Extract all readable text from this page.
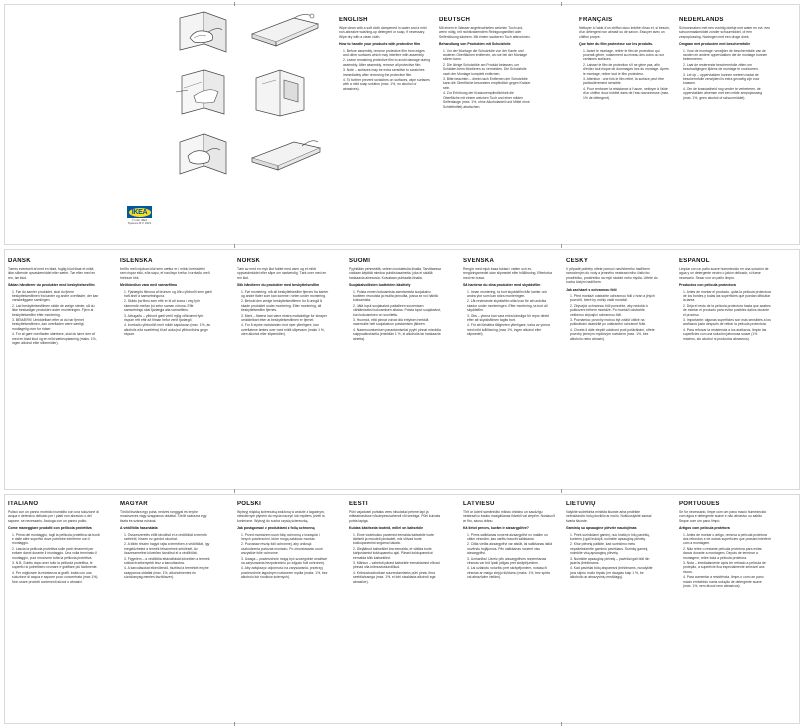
IKEA
© Inter IKEA Systems B.V. 2021
ENGLISH

Wipe clean with a soft cloth dampened in water and a mild non-abrasive washing-up detergent or soap, if necessary. Wipe dry with a clean cloth.

How to handle your products with protective film

1. Before assembly, remove protective film from edges and other surfaces which may interfere with assembly.
2. Leave remaining protective film to avoid damage during assembly. After assembly, remove all protective film.
3. Note – surfaces may be extra sensitive to scratches immediately after removing the protective film.
4. To further prevent scratches on surfaces, wipe surfaces with a mild soap solution (max. 1%, no alcohol or abrasives).
DEUTSCH

Mit einem in Wasser angefeuchteten weichen Tuch und, wenn nötig, mit nichtkratzendem Reinigungsmittel oder Seifenlösung säubern. Mit einem sauberen Tuch abtrocknen.

Behandlung von Produkten mit Schutzfolie

1. Vor der Montage die Schutzfolie von der Kante und anderen Oberflächen entfernen, wo sie bei der Montage stören kann.
2. Die übrige Schutzfolie am Produkt belassen, um Schäden beim Montieren zu vermeiden. Die Schutzfolie nach der Montage komplett entfernen.
3. Bitte beachten – direkt nach Entfernen der Schutzfolie kann die Oberfläche besonders empfindlich gegen Kratzer sein.
4. Zur Erhöhung der Kratzunempfindlichkeit die Oberfläche mit einem weichen Tuch und einer milden Seifenlauge (max. 1%, ohne Alkoholanteil und Mittel ohne Schleifmittel) abwischen.
FRANÇAIS

Nettoyer à l'aide d'un chiffon doux imbibé d'eau et, si besoin, d'un détergent non abrasif ou de savon. Essuyer avec un chiffon propre.

Que faire du film protecteur sur les produits.

1. Avant le montage, retirer le film de protection qui pourrait gêner, notamment au niveau des coins ou sur certaines surfaces.
2. Laisser le film de protection s'il ne gêne pas, afin d'éviter tout risque de dommages lors du montage. Après le montage, retirer tout le film protecteur.
3. Attention : une fois le film retiré, la surface peut être particulièrement sensible.
4. Pour renforcer la résistance à l'usure, nettoyer à l'aide d'un chiffon doux imbibé dans de l'eau savonneuse (max. 1% de détergent).
NEDERLANDS

Schoonmaken met een vochtig doekje met water en evt. een schoonmaakmiddel zonder schuurmiddel, of een zeepoplossing. Nadrogen met een droge doek.

Omgaan met producten met beschermfolie

1. Voor de montage: verwijder de beschermfolie van de randen en andere oppervlakken die de montage kunnen belemmeren.
2. Laat de resterende beschermfolie zitten om beschadigingen tijdens de montage te voorkomen.
3. Let op – oppervlakken kunnen meteen nadat de beschermfolie verwijderd is extra gevoelig zijn voor krassen.
4. Om de krasvastheid nog verder te verbeteren, de oppervlakken afnemen met een milde zeepoplossing (max. 1%, geen alcohol of schuurmiddel).
DANSK

Tørres eventuelt af med en blød, fugtig klud tilsat et mildt, ikke-slibende opvaskemiddel eller sæbe. Tør efter med en ren, tør klud.

Sådan håndterer du produkter med beskyttelsesfilm

1. Før du samler produktet, skal du fjerne beskyttelsesfilmen fra kanter og andre overflader, der kan vanskeliggøre samlingen.
2. Lad beskyttelsesfilmen sidde de øvrige steder, så du ikke beskadiger produktet under monteringen. Fjern al beskyttelsesfilm efter montering.
3. BEMÆRK! Umiddelbart efter at du har fjernet beskyttelsesfilmen, kan overfladen være særligt modtagelig over for ridser.
4. For at gøre overfladen stærkere, skal du tørre den af med en blød klud og en mild sæbeopløsning (maks. 1%, ingen alkohol eller slibemidler).
ÍSLENSKA

Þrífðu með mjúkum klút sem vættur er í mildu hreinsiefni sem rispar ekki, eða sápu, ef nauðsyn krefur. Þurrkaðu með hreinum klút.

Meðhöndlun vara með varnarfilmu

1. Fjarlægðu filmuna af brúnum og öðru yfirborði sem gæti haft áhrif á samsetninguna.
2. Skildu þá filmu sem eftir er til að koma í veg fyrir skemmdir meðan þú setur saman vöruna. Eftir samsetningu skal fjarlægja alla varnarfilmu.
3. Athugaðu – yfirborð gæti verið mjög viðkvæmt fyrir rispum rétt eftir að filman hefur verið fjarlægð.
4. Þurrkaðu yfirborðið með mildri sápulausn (max. 1%, án alkóhóls eða svarfefna) til að auka þol yfirborðsins gegn rispum.
NORSK

Tørk av med en myk klut fuktet med vann og et mildt oppvaskmiddel eller såpe om nødvendig. Tørk over med en ren klut.

Slik håndterer du produkter med beskyttelsesfilm

1. Før montering: må all beskyttelsesfilm fjernes fra kanter og andre flater som kan komme i veien under montering.
2. Behold den øvrige beskyttelsesfilmen for å unngå å skade produktet under montering. Etter montering, all beskyttelsesfilm fjernes.
3. Merk – flatene kan være ekstra mottakelige for skraper umiddelbart etter at beskyttelsesfilmen er fjernet.
4. For å styrke motstanden mot riper ytterligere, kan overflatene tørkes over med mildt såpevann (maks 1 %, uten alkohol eller slipemidler).
SUOMI

Pyyhitään pehmeällä, veteen kostutetulla liinalla. Tarvittaessa voidaan käyttää miedoa puhdistusainetta, joka ei sisällä hankaavia ainesosia. Kuivataan puhtaalla liinalla.

Suojakalvollisten tuotteiden käsittely

1. Poista ennen kokoamista asentamista suojakalvo tuotteen reunoista ja muilta pinnoilta, joissa se voi häiritä kokoamista.
2. Jätä loput suojakalvot paikalleen suurentaen vähtämiseksi kokoamisen aikana. Poista loput suojakalvot, kun kokoaminen on suoritettu.
3. Huomioi, että pinnat voivat olla erityisen herkkiä naarmuille heti suojakalvon poistamisen jälkeen.
4. Naarmuuntumisen parantamiseksi pyyhi pinnat miedolla saippualiuoksella (enintään 1 %, ei alkoholia tai hankaavia aineita).
SVENSKA

Rengör med mjuk trasa fuktad i vatten och ev. rengöringsmedel utan slipmedel eller tvållösning. Eftertorka med ren trasa.

Så hanterar du dina produkter med skyddsfilm

1. Innan montering, ta bort skyddsfilm från kanter och andra ytor som kan störa monteringen.
2. Låt resterande skyddsfilm sitta kvar för att undvika skador under monteringen. Efter montering, ta bort all skyddsfilm.
3. Obs – ytorna kan vara extra känsliga för repor direkt efter att skyddsfilmen tagits bort.
4. För att förbättra tåligheten ytterligare, torka av ytorna med mild tvållösning (max 1%, ingen alkohol eller slipmedel).
ČESKY

V případě potřeby otřete pomocí navlhčeného hadříkem namočeným do vody a jemného neabrazivního čisticího prostředku, prostředku na mytí nádobí nebo mýdla. Utřete do sucha čistým hadříkem.

Jak zacházet s ochrannou fólií

1. Před montáží odstraňte ochrannou fólii z hran a jiných povrchů, které by mohly vadit montáži.
2. Zbývající ochrannou fólii ponechte, aby nedošlo k poškození během montáže. Po montáži odstraňte veškerou zbývající ochrannou fólii.
3. Poznámka: povrchy mohou být zvlášť citlivé na poškrábání okamžitě po odstranění ochranné fólie.
4. Chcete-li dále zlepšit odolnost proti poškrábání, otřete povrchy jemným mýdlovým roztokem (max. 1%, bez alkoholu nebo abraziv).
ESPAÑOL

Limpiar con un paño suave humedecido en una solución de agua y un detergente neutro o jabón delicado, si fuese necesario. Secar con un paño limpio.

Productos con película protectora

1. Antes de montar el producto, quita la película protectora de los bordes y todas las superficies que puedan dificultar la tarea.
2. Deja el resto de la película protectora hasta que acabes de montar el producto para evitar posibles daños durante el proceso.
3. Importante: algunas superficies son más sensibles a los arañazos justo después de retirar la película protectora.
4. Para reforzar la resistencia a los arañazos, limpie las superficies con una solución jabonosa suave (1% máximo, sin alcohol ni productos abrasivos).
ITALIANO

Pulisci con un panno morbido inumidito con una soluzione di acqua e detersivo delicato per i piatti non abrasivo o del sapone, se necessario. Asciuga con un panno pulito.

Come maneggiare prodotti con pellicola protettiva

1. Prima del montaggio, togli la pellicola protettiva da bordi e dalle altre superfici dove potrebbe interferire con il montaggio.
2. Lascia la pellicola protettiva sulle parti rimanenti per evitare danni durante il montaggio. Una volta terminato il montaggio, puoi rimuovere tutta la pellicola protettiva.
3. N.B. Subito dopo aver tolto la pellicola protettiva, le superfici si potrebbero rovinare e graffiare più facilmente.
4. Per migliorare la resistenza ai graffi, tratta con una soluzione di acqua e sapone poco concentrata (max 1%). Non usare prodotti contenenti alcool o abrasivi.
MAGYAR

Töröld tisztára egy puha, nedves ronggyal és enyhe mosószeres vagy szappanos oldattal. Törölt szárazra egy tiszta és száraz ruhával.

A védőfólia használata

1. Összeszerelés előtt távolítsd el a védőfóliát a termék széleiről, hiszen ez gondot okozhat.
2. A többi részen hagyd rajta a terméken a védőfóliát, így megelőzheted a termék felszínének sérülését. Az összeszerelést követően távolítsd el a védőfóliát.
3. Figyelem – a védőfólia eltávolítását követően a termék sokkal érzékenyebb lesz a karcolásokra.
4. A karcolásokat elkerülendő, tisztítsd a terméket enyhe szappanos oldattal (max. 1%, alkoholmentes és súrolóanyag-mentes tisztítószer).
POLSKI

Wytrzyj miękką ściereczką zwilżoną w wodzie z łagodnym, nieściernym płynem do mycia naczyń lub mydłem, jeżeli to konieczne. Wytrzyj do sucha czystą ściereczką.

Jak postępować z produktami z folią ochronną

1. Przed montażem usuń folię ochronną z krawędzi i innych powierzchni, które mogą zakłócać montaż.
2. Pozostaw resztę folii ochronnej, aby uniknąć uszkodzenia podczas montażu. Po zmontowaniu usuń wszystkie folie ochronne.
3. Uwaga – powierzchnie mogą być szczególnie wrażliwe na zarysowania bezpośrednio po zdjęciu folii ochronnej.
4. Aby zwiększyć odporność na zarysowania, przetrzyj powierzchnie łagodnym roztworem mydła (maks. 1%, bez alkoholu lub środków ściernych).
EESTI

Pühi vajadusel puhtaks vees niisutatud pehme lapi ja mitteabrasiivse nõudepesuvahendi või seebiga. Pühi kuivaks puhta lapiga.

Kuidas käsitseda tooteid, millel on kaitsekile

1. Enne tootekokku panemist eemalda kaitsekile toote ääriselt ja muudelt pindadelt, mis võivad toote kokkupanemist segama hakata.
2. Ülejäänud kaitsekilet ära eemalda, et vältida toote kahjustamist kokkupaneku ajal. Pärast kokkupanekut eemalda kõik kaitsekiled.
3. Märkus – vahetult pärast kaitsekile eemaldamist võivad pinnad olla kriimustustundlikud.
4. Kriimustuskindluse suurendamiseks pühi pindu õrna seebilahusega (max. 1%, ei tohi sisaldada alkoholi ega abrasiive).
LATVIEŠU

Tīrīt ar ūdenī samitrinātu mīkstu drāniņu un saudzīgu neabrazīvu trauku mazgāšanas līdzekli vai ziepēm. Noslaucīt ar tīru, sausu drānu.

Kā lietot preces, kurām ir aizsargplēve?

1. Pirms salikšanas noņemt aizsargplēvi no malām un citām virsmām, kas varētu traucēt salikšanai.
2. Citās vietās aizsargplēvi var atstāt, lai salikšanas laikā novērstu bojājumus. Pēc salikšanas noņemt visu aizsargplēvi.
3. Uzmanību! Uzreiz pēc aizsargplēves noņemšanas virsmas var būt īpaši jutīgas pret skrāpējumiem.
4. Lai uzlabotu noturību pret skrāpējumiem, noslaucīt virsmas ar maigu ziepju šķīdumu (maks. 1%, bez spirta vai abrazīvām vielām).
LIETUVIŲ

Valykite sudrėkinta minkšta šluoste arba pridėkite nebraižančio indų ploviklio ar muilo. Nušluostykite sausai švaria šluoste.

Gaminių su apsaugine plėvele naudojimas

1. Prieš surinkdami gaminį, nuo kraštų ir kitų paviršių, kuriems ji gali trukdyti, nuimkite apsauginę plėvelę.
2. Kitur plėvelę palikite, kad surinkimo metu nepažeistumėte gaminio paviršiaus. Surinkę gaminį, nuimkite visą apsauginę plėvelę.
3. Nuimkite apsauginę plėvelę – paviršiai gali būti itin jautrūs įbrėžimams.
4. Kad paviršiai būtų atsparesni įbrėžimams, nuvalykite juos silpnu muilo tirpalu (ne daugiau kaip 1 %, be alkoholio ar abrazyvinių medžiagų).
PORTUGUES

Se for necessário, limpe com um pano macio humedecido com água e detergente suave e não abrasivo ou sabão. Seque com um pano limpo.

Artigos com película protetora

1. Antes de montar o artigo, remova a película protetora dos rebordos e de outras superfícies que possam interferir com a montagem.
2. Não retire o restante película protetora para evitar danos durante a montagem. Depois de terminar a montagem, retire toda a película protetora.
3. Nota – imediatamente após ter retirado a película de proteção, a superfície fica especialmente sensível aos riscos.
4. Para aumentar a resistência, limpe-o com um pano macio embebido numa solução de detergente suave (máx. 1%, sem álcool nem abrasivos).
